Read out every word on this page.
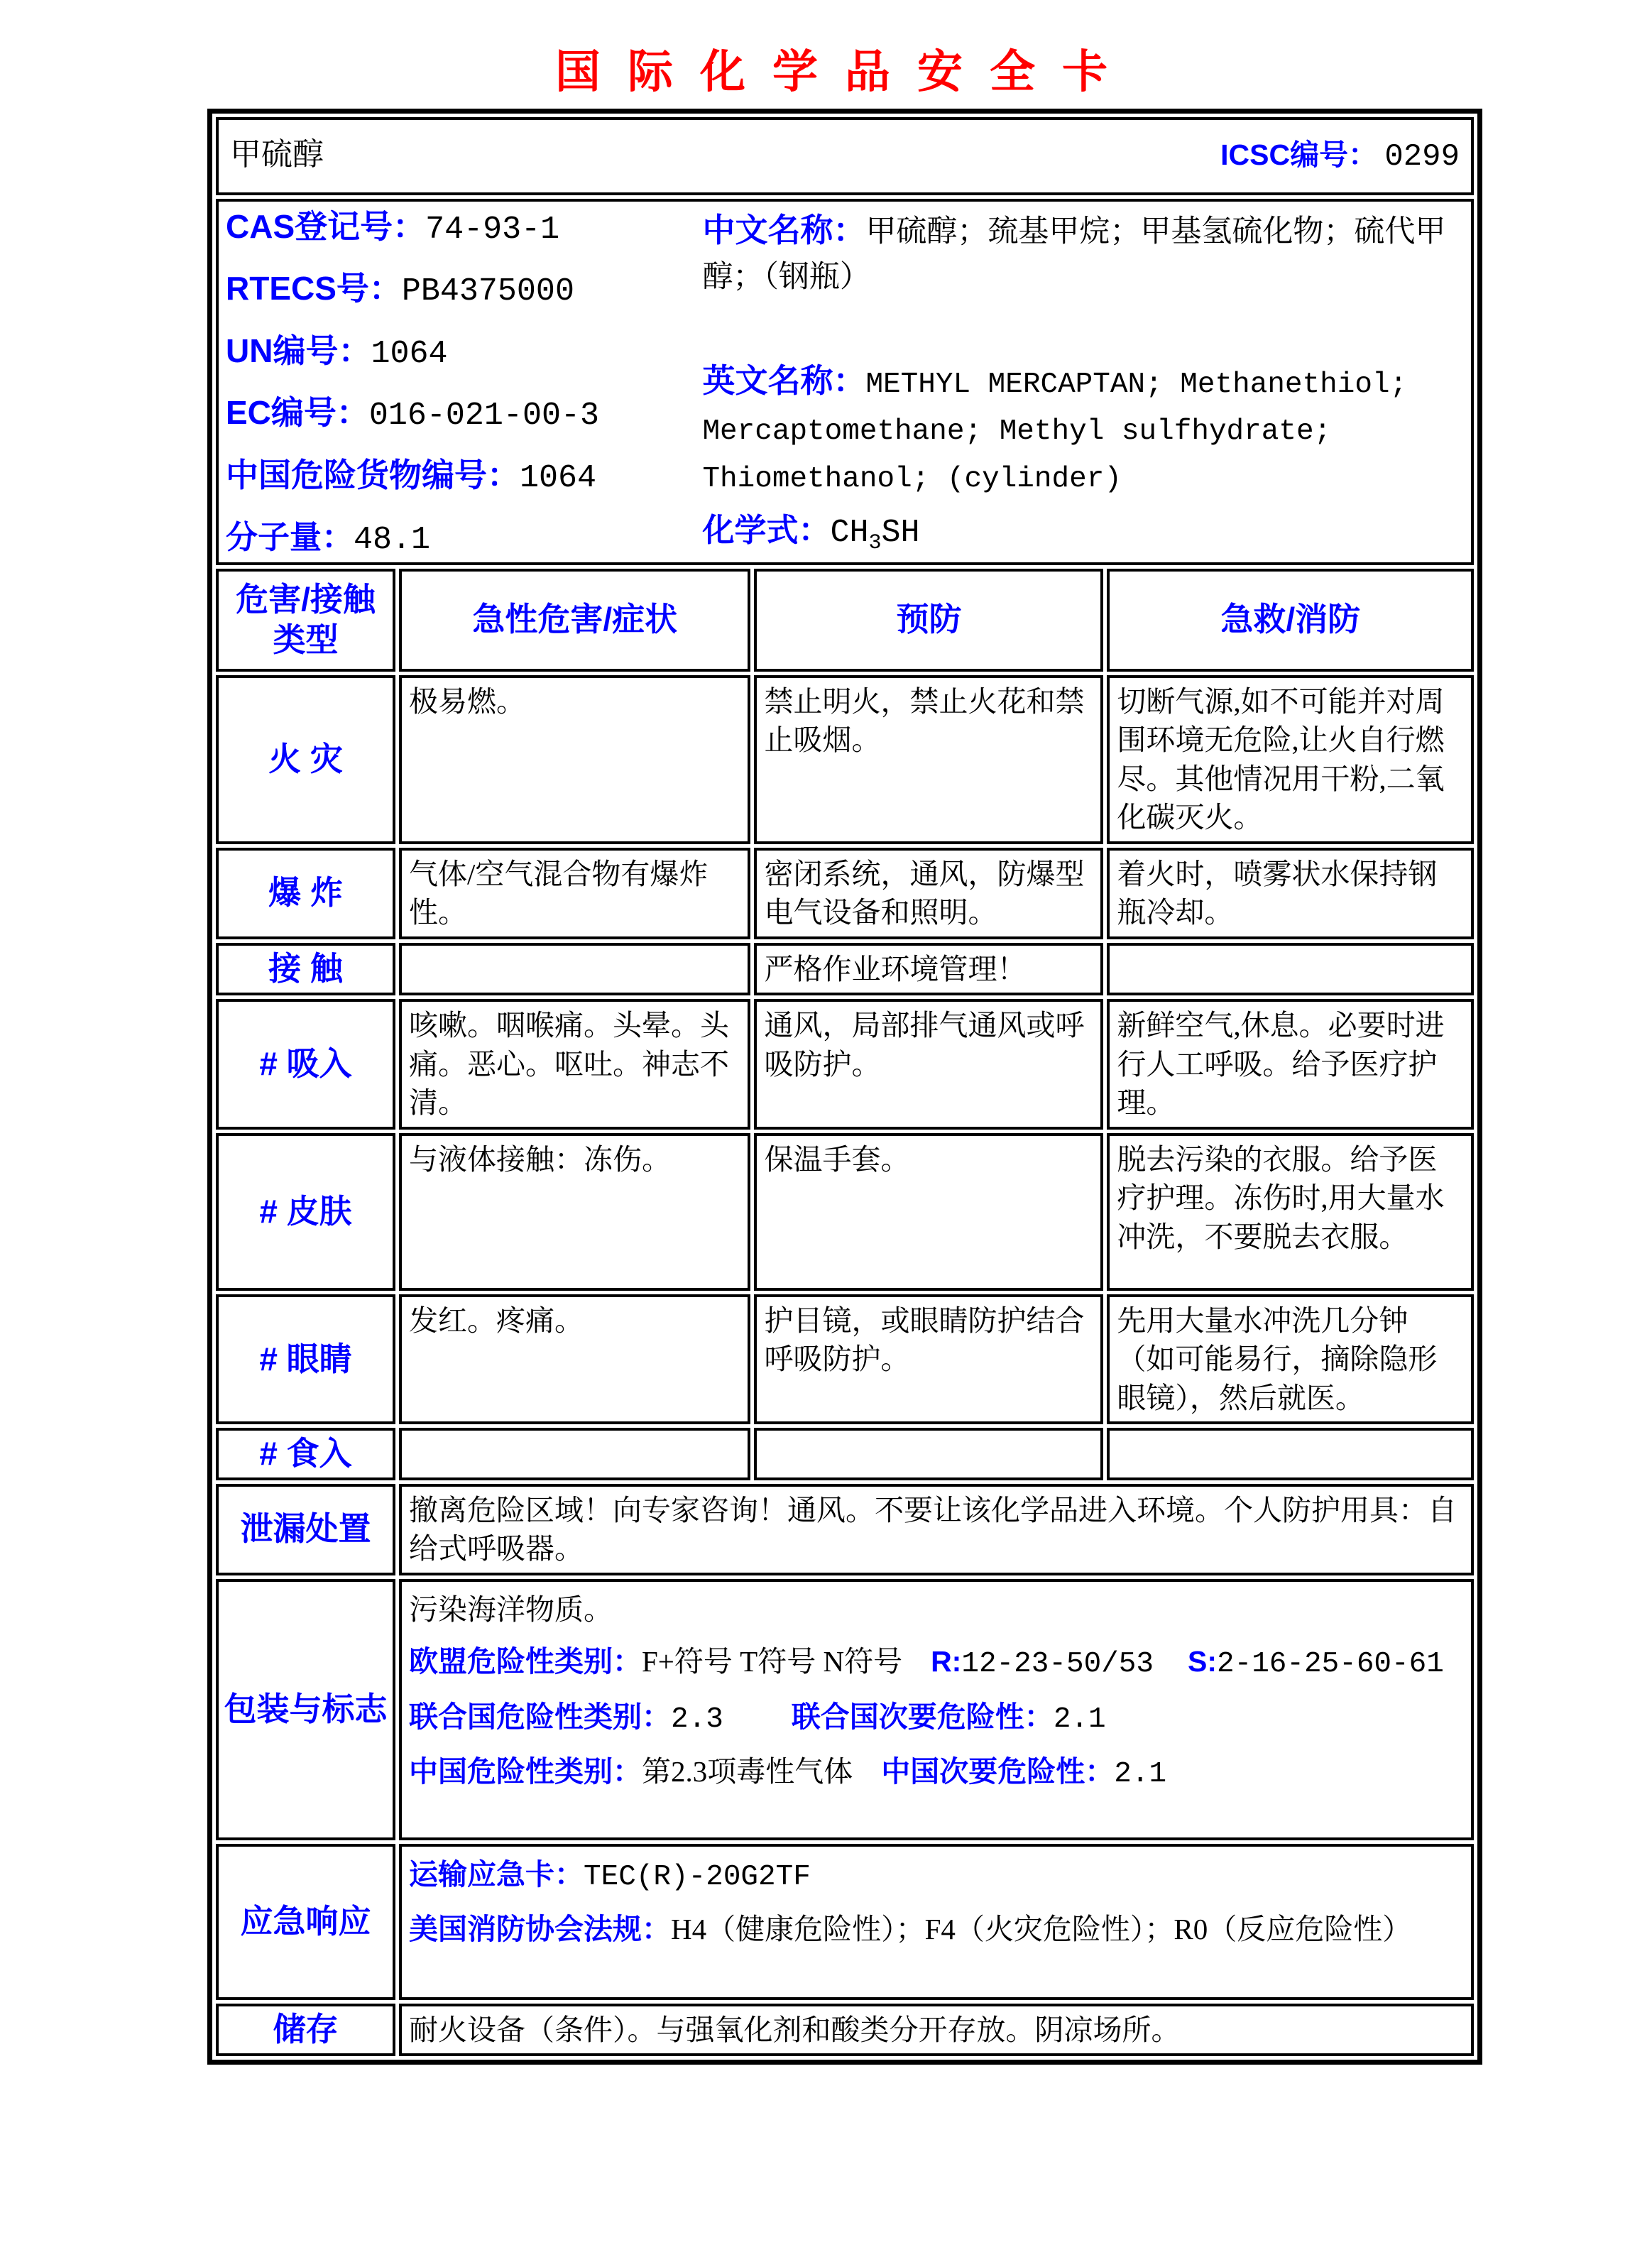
国际化学品安全卡
甲硫醇 ICSC编号： 0299			

CAS登记号：74-93-1
RTECS号：PB4375000
UN编号：1064
EC编号：016-021-00-3
中国危险货物编号：1064
分子量：48.1

中文名称：甲硫醇；巯基甲烷；甲基氢硫化物；硫代甲醇；（钢瓶）

英文名称：METHYL MERCAPTAN; Methanethiol; Mercaptomethane; Methyl sulfhydrate; Thiomethanol; (cylinder)

化学式：$CH_3SH$

危害/接触
类型	急性危害/症状	预防	急救/消防

火 灾	极易燃。	禁止明火，禁止火花和禁止吸烟。	切断气源,如不可能并对周围环境无危险,让火自行燃尽。其他情况用干粉,二氧化碳灭火。
爆 炸	气体/空气混合物有爆炸性。	密闭系统，通风，防爆型电气设备和照明。	着火时，喷雾状水保持钢瓶冷却。
接 触		严格作业环境管理！	
# 吸入	咳嗽。咽喉痛。头晕。头痛。恶心。呕吐。神志不清。	通风，局部排气通风或呼吸防护。	新鲜空气,休息。必要时进行人工呼吸。给予医疗护理。
# 皮肤	与液体接触：冻伤。	保温手套。	脱去污染的衣服。给予医疗护理。冻伤时,用大量水冲洗，不要脱去衣服。
# 眼睛	发红。疼痛。	护目镜，或眼睛防护结合呼吸防护。	先用大量水冲洗几分钟（如可能易行，摘除隐形眼镜），然后就医。
# 食入			
泄漏处置	撤离危险区域！向专家咨询！通风。不要让该化学品进入环境。个人防护用具：自给式呼吸器。		
包装与标志	污染海洋物质。

欧盟危险性类别：F+符号 T符号 N符号 R:12-23-50/53 S:2-16-25-60-61

联合国危险性类别：2.3 联合国次要危险性：2.1

中国危险性类别：第2.3项毒性气体 中国次要危险性：2.1		

应急响应	运输应急卡：TEC(R)-20G2TF

美国消防协会法规：H4（健康危险性）；F4（火灾危险性）；R0（反应危险性）		

储存	耐火设备（条件）。与强氧化剂和酸类分开存放。阴凉场所。		
